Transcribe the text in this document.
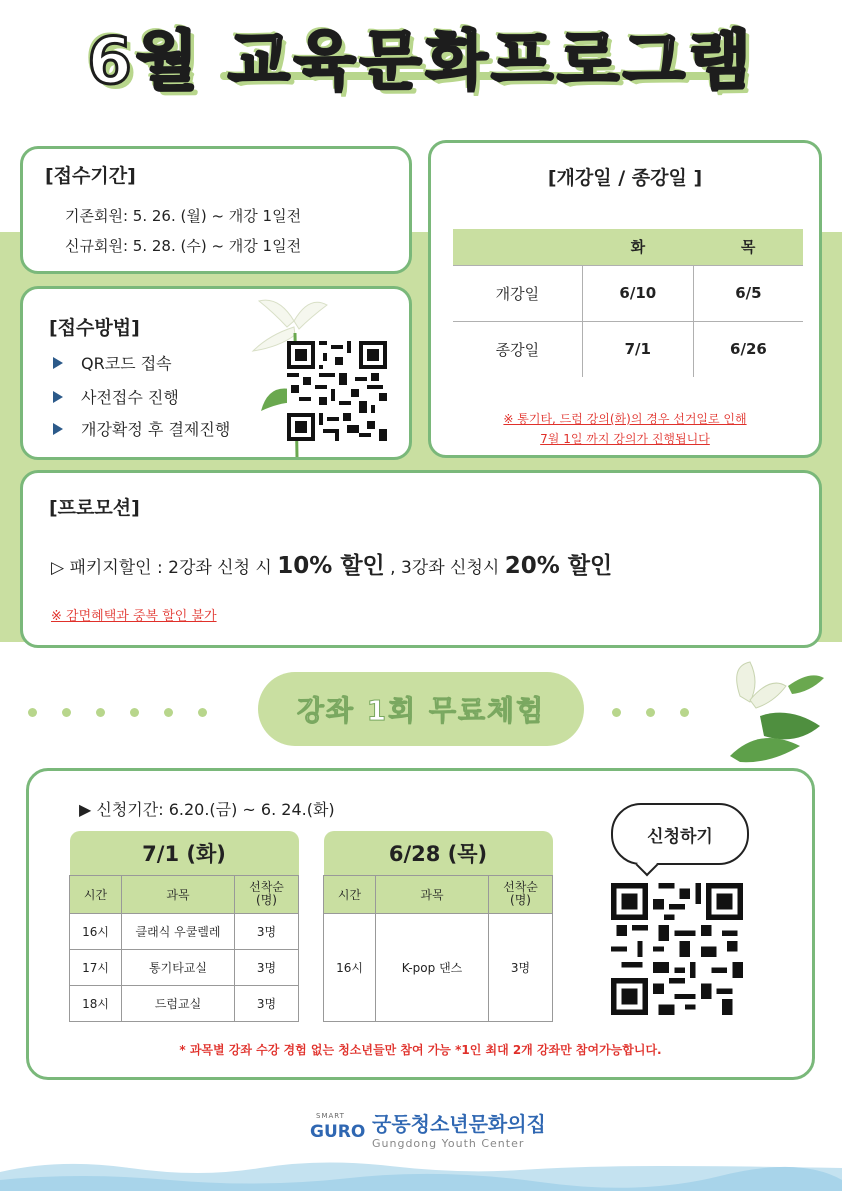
6월 교육문화프로그램
[접수기간]
기존회원: 5. 26. (월) ~ 개강 1일전
신규회원: 5. 28. (수) ~ 개강 1일전
[접수방법]
QR코드 접속
사전접수 진행
개강확정 후 결제진행
[개강일 / 종강일 ]
	화	목
개강일	6/10	6/5
종강일	7/1	6/26
※ 통기타, 드럼 강의(화)의 경우 선거일로 인해
7월 1일 까지 강의가 진행됩니다
[프로모션]
▷ 패키지할인 : 2강좌 신청 시 10% 할인 , 3강좌 신청시 20% 할인
※ 감면혜택과 중복 할인 불가
강좌 1회 무료체험
▶ 신청기간: 6.20.(금) ~ 6. 24.(화)
7/1 (화)		
시간	과목	선착순
(명)
16시	클래식 우쿨렐레	3명
17시	통기타교실	3명
18시	드럼교실	3명
6/28 (목)		
시간	과목	선착순
(명)
16시	K-pop 댄스	3명
신청하기
* 과목별 강좌 수강 경험 없는 청소년들만 참여 가능 *1인 최대 2개 강좌만 참여가능합니다.
SMART
GURO 궁동청소년문화의집
Gungdong Youth Center
